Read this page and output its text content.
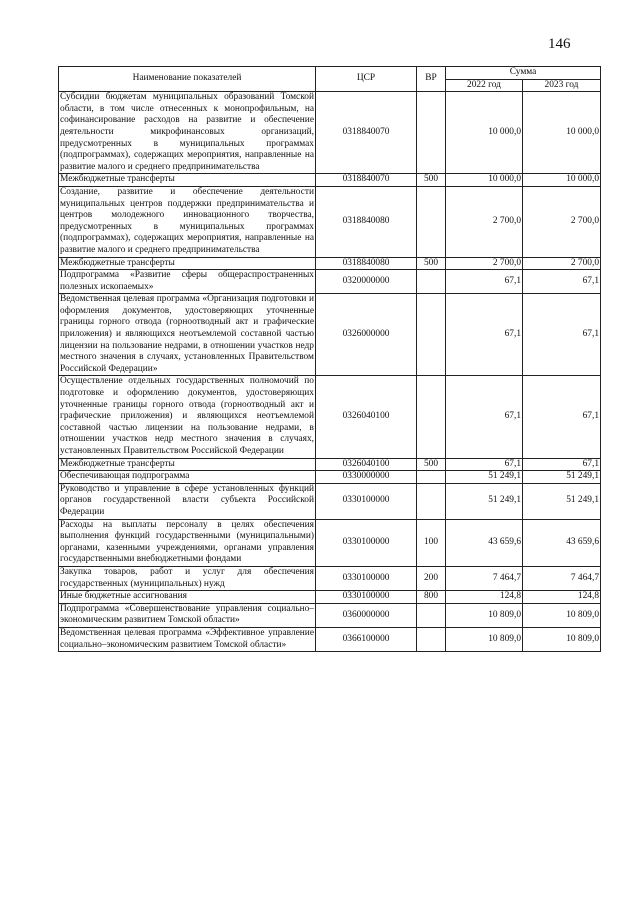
146
Наименование показателей	ЦСР	ВР	Сумма	
			2022 год	2023 год
Субсидии бюджетам муниципальных образований Томской области, в том числе отнесенных к монопрофильным, на софинансирование расходов на развитие и обеспечение деятельности микрофинансовых организаций, предусмотренных в муниципальных программах (подпрограммах), содержащих мероприятия, направленные на развитие малого и среднего предпринимательства	0318840070		10 000,0	10 000,0
Межбюджетные трансферты	0318840070	500	10 000,0	10 000,0
Создание, развитие и обеспечение деятельности муниципальных центров поддержки предпринимательства и центров молодежного инновационного творчества, предусмотренных в муниципальных программах (подпрограммах), содержащих мероприятия, направленные на развитие малого и среднего предпринимательства	0318840080		2 700,0	2 700,0
Межбюджетные трансферты	0318840080	500	2 700,0	2 700,0
Подпрограмма «Развитие сферы общераспространенных полезных ископаемых»	0320000000		67,1	67,1
Ведомственная целевая программа «Организация подготовки и оформления документов, удостоверяющих уточненные границы горного отвода (горноотводный акт и графические приложения) и являющихся неотъемлемой составной частью лицензии на пользование недрами, в отношении участков недр местного значения в случаях, установленных Правительством Российской Федерации»	0326000000		67,1	67,1
Осуществление отдельных государственных полномочий по подготовке и оформлению документов, удостоверяющих уточненные границы горного отвода (горноотводный акт и графические приложения) и являющихся неотъемлемой составной частью лицензии на пользование недрами, в отношении участков недр местного значения в случаях, установленных Правительством Российской Федерации	0326040100		67,1	67,1
Межбюджетные трансферты	0326040100	500	67,1	67,1
Обеспечивающая подпрограмма	0330000000		51 249,1	51 249,1
Руководство и управление в сфере установленных функций органов государственной власти субъекта Российской Федерации	0330100000		51 249,1	51 249,1
Расходы на выплаты персоналу в целях обеспечения выполнения функций государственными (муниципальными) органами, казенными учреждениями, органами управления государственными внебюджетными фондами	0330100000	100	43 659,6	43 659,6
Закупка товаров, работ и услуг для обеспечения государственных (муниципальных) нужд	0330100000	200	7 464,7	7 464,7
Иные бюджетные ассигнования	0330100000	800	124,8	124,8
Подпрограмма «Совершенствование управления социально–экономическим развитием Томской области»	0360000000		10 809,0	10 809,0
Ведомственная целевая программа «Эффективное управление социально–экономическим развитием Томской области»	0366100000		10 809,0	10 809,0
